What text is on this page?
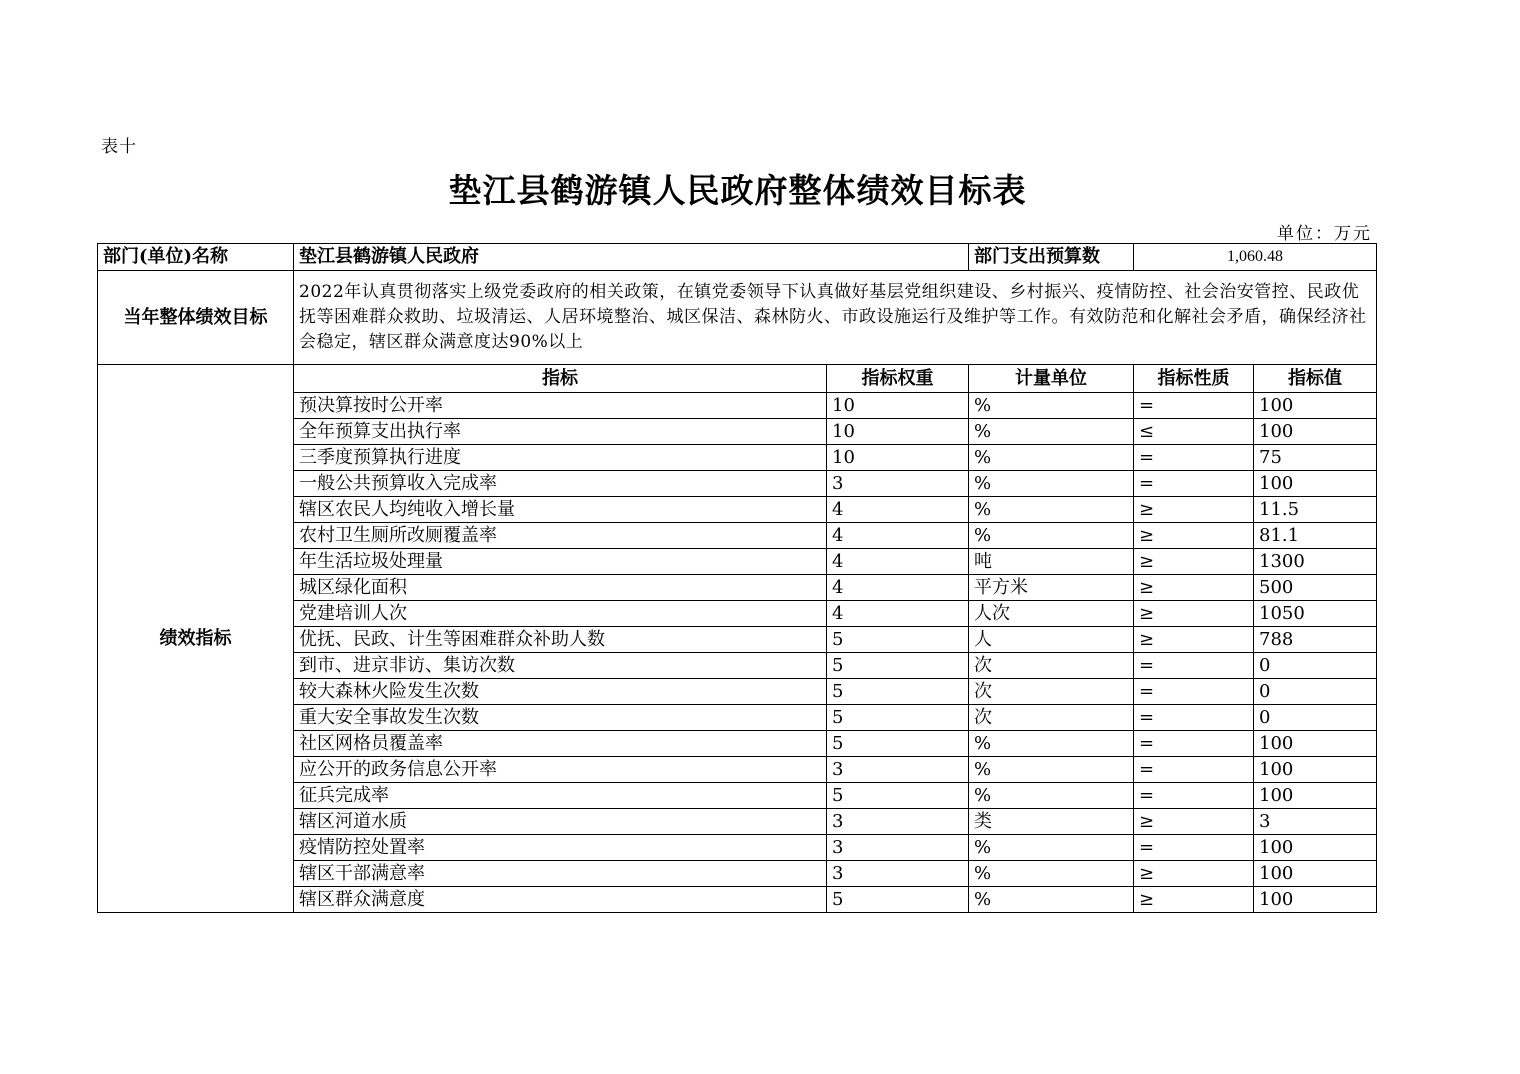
表十
垫江县鹤游镇人民政府整体绩效目标表
单位：万元
部门(单位)名称	垫江县鹤游镇人民政府		部门支出预算数	1,060.48	
当年整体绩效目标	2022年认真贯彻落实上级党委政府的相关政策，在镇党委领导下认真做好基层党组织建设、乡村振兴、疫情防控、社会治安管控、民政优抚等困难群众救助、垃圾清运、人居环境整治、城区保洁、森林防火、市政设施运行及维护等工作。有效防范和化解社会矛盾，确保经济社会稳定，辖区群众满意度达90%以上				
绩效指标	指标	指标权重	计量单位	指标性质	指标值
	预决算按时公开率	10	%	=	100
	全年预算支出执行率	10	%	≤	100
	三季度预算执行进度	10	%	=	75
	一般公共预算收入完成率	3	%	=	100
	辖区农民人均纯收入增长量	4	%	≥	11.5
	农村卫生厕所改厕覆盖率	4	%	≥	81.1
	年生活垃圾处理量	4	吨	≥	1300
	城区绿化面积	4	平方米	≥	500
	党建培训人次	4	人次	≥	1050
	优抚、民政、计生等困难群众补助人数	5	人	≥	788
	到市、进京非访、集访次数	5	次	=	0
	较大森林火险发生次数	5	次	=	0
	重大安全事故发生次数	5	次	=	0
	社区网格员覆盖率	5	%	=	100
	应公开的政务信息公开率	3	%	=	100
	征兵完成率	5	%	=	100
	辖区河道水质	3	类	≥	3
	疫情防控处置率	3	%	=	100
	辖区干部满意率	3	%	≥	100
	辖区群众满意度	5	%	≥	100
